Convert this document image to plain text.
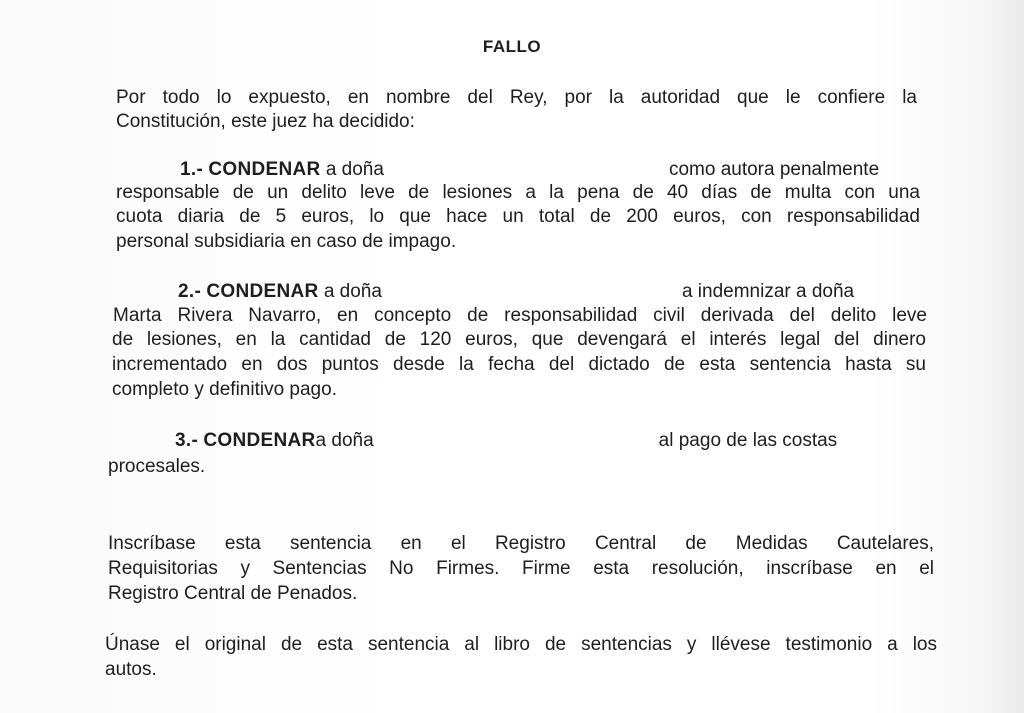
FALLO
Por todo lo expuesto, en nombre del Rey, por la autoridad que le confiere la
Constitución, este juez ha decidido:
1.- CONDENAR a doña	como autora penalmente
responsable de un delito leve de lesiones a la pena de 40 días de multa con una
cuota diaria de 5 euros, lo que hace un total de 200 euros, con responsabilidad
personal subsidiaria en caso de impago.
2.- CONDENAR a doña	a indemnizar a doña
Marta Rivera Navarro, en concepto de responsabilidad civil derivada del delito leve
de lesiones, en la cantidad de 120 euros, que devengará el interés legal del dinero
incrementado en dos puntos desde la fecha del dictado de esta sentencia hasta su
completo y definitivo pago.
3.- CONDENARa doña	al pago de las costas
procesales.
Inscríbase esta sentencia en el Registro Central de Medidas Cautelares,
Requisitorias y Sentencias No Firmes. Firme esta resolución, inscríbase en el
Registro Central de Penados.
Únase el original de esta sentencia al libro de sentencias y llévese testimonio a los
autos.
